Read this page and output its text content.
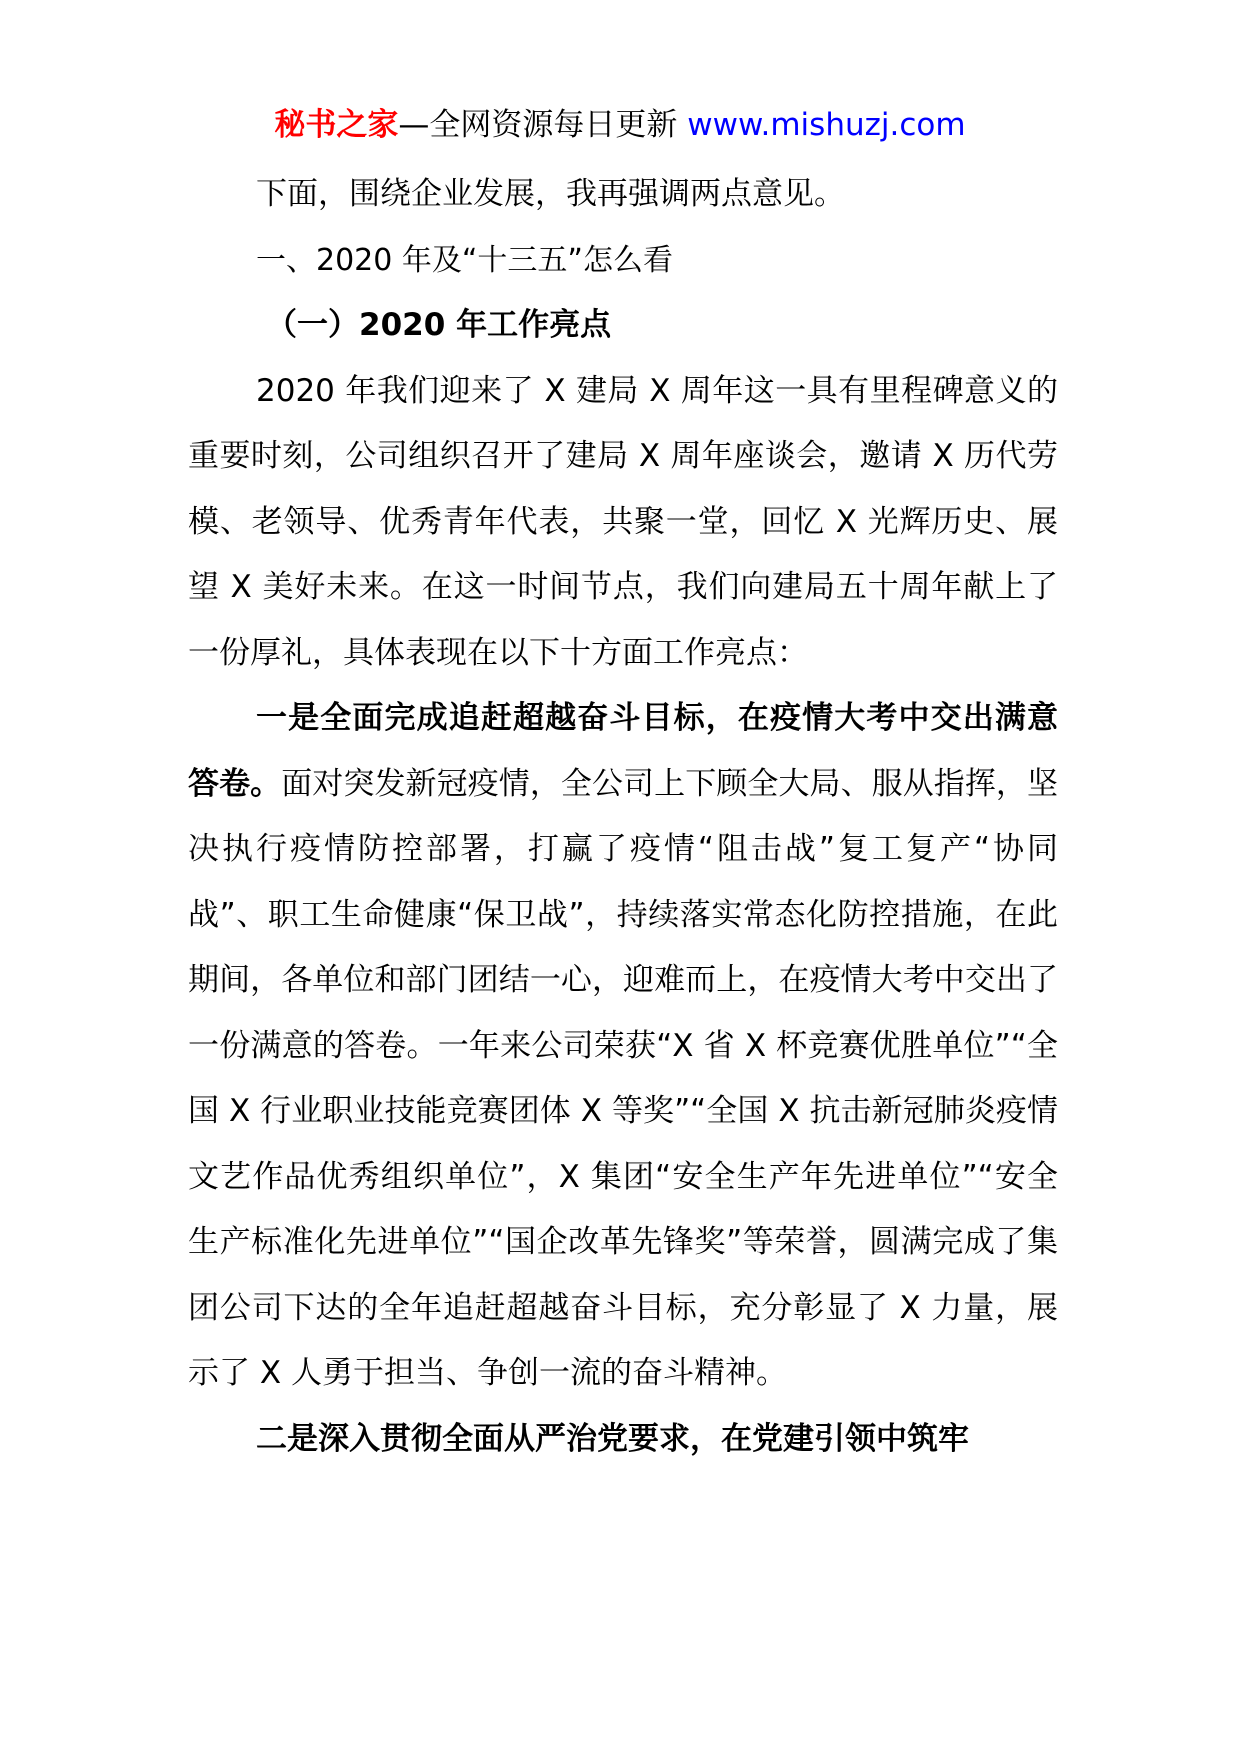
秘书之家—全网资源每日更新 www.mishuzj.com

下面，围绕企业发展，我再强调两点意见。

一、2020 年及“十三五”怎么看

（一）2020 年工作亮点

2020 年我们迎来了 X 建局 X 周年这一具有里程碑意义的重要时刻，公司组织召开了建局 X 周年座谈会，邀请 X 历代劳模、老领导、优秀青年代表，共聚一堂，回忆 X 光辉历史、展望 X 美好未来。在这一时间节点，我们向建局五十周年献上了一份厚礼，具体表现在以下十方面工作亮点：

一是全面完成追赶超越奋斗目标，在疫情大考中交出满意答卷。面对突发新冠疫情，全公司上下顾全大局、服从指挥，坚决执行疫情防控部署，打赢了疫情“阻击战”复工复产“协同战”、职工生命健康“保卫战”，持续落实常态化防控措施，在此期间，各单位和部门团结一心，迎难而上，在疫情大考中交出了一份满意的答卷。一年来公司荣获“X 省 X 杯竞赛优胜单位”“全国 X 行业职业技能竞赛团体 X 等奖”“全国 X 抗击新冠肺炎疫情文艺作品优秀组织单位”，X 集团“安全生产年先进单位”“安全生产标准化先进单位”“国企改革先锋奖”等荣誉，圆满完成了集团公司下达的全年追赶超越奋斗目标，充分彰显了 X 力量，展示了 X 人勇于担当、争创一流的奋斗精神。

二是深入贯彻全面从严治党要求，在党建引领中筑牢
